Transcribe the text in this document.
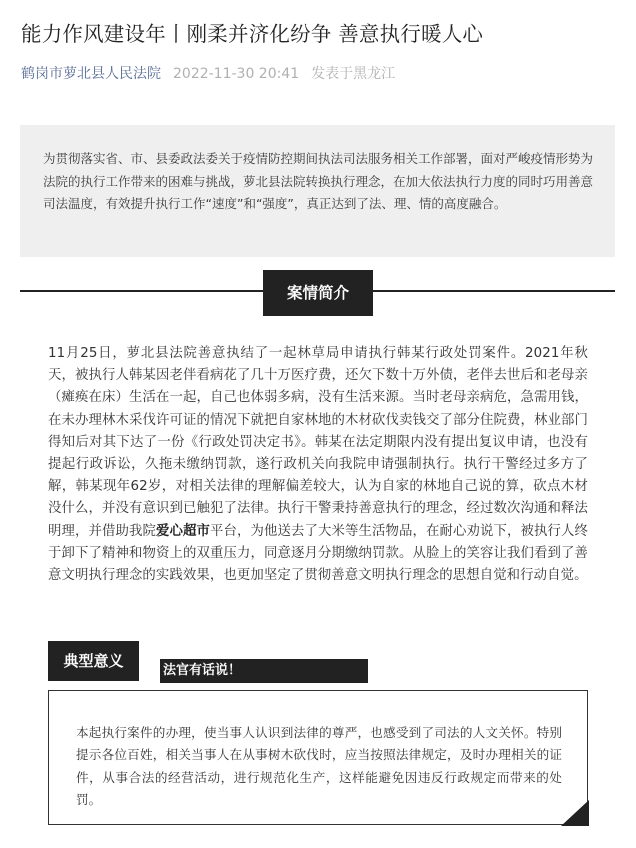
能力作风建设年丨刚柔并济化纷争 善意执行暖人心
鹤岗市萝北县人民法院 2022-11-30 20:41 发表于黑龙江
为贯彻落实省、市、县委政法委关于疫情防控期间执法司法服务相关工作部署，面对严峻疫情形势为法院的执行工作带来的困难与挑战，萝北县法院转换执行理念，在加大依法执行力度的同时巧用善意司法温度，有效提升执行工作“速度”和“强度”，真正达到了法、理、情的高度融合。
案情简介
11月25日，萝北县法院善意执结了一起林草局申请执行韩某行政处罚案件。2021年秋天，被执行人韩某因老伴看病花了几十万医疗费，还欠下数十万外债，老伴去世后和老母亲（瘫痪在床）生活在一起，自己也体弱多病，没有生活来源。当时老母亲病危，急需用钱，在未办理林木采伐许可证的情况下就把自家林地的木材砍伐卖钱交了部分住院费，林业部门得知后对其下达了一份《行政处罚决定书》。韩某在法定期限内没有提出复议申请，也没有提起行政诉讼，久拖未缴纳罚款，遂行政机关向我院申请强制执行。执行干警经过多方了解，韩某现年62岁，对相关法律的理解偏差较大，认为自家的林地自己说的算，砍点木材没什么，并没有意识到已触犯了法律。执行干警秉持善意执行的理念，经过数次沟通和释法明理，并借助我院爱心超市平台，为他送去了大米等生活物品，在耐心劝说下，被执行人终于卸下了精神和物资上的双重压力，同意逐月分期缴纳罚款。从脸上的笑容让我们看到了善意文明执行理念的实践效果，也更加坚定了贯彻善意文明执行理念的思想自觉和行动自觉。
典型意义
法官有话说！
本起执行案件的办理，使当事人认识到法律的尊严，也感受到了司法的人文关怀。特别提示各位百姓，相关当事人在从事树木砍伐时，应当按照法律规定，及时办理相关的证件，从事合法的经营活动，进行规范化生产，这样能避免因违反行政规定而带来的处罚。
